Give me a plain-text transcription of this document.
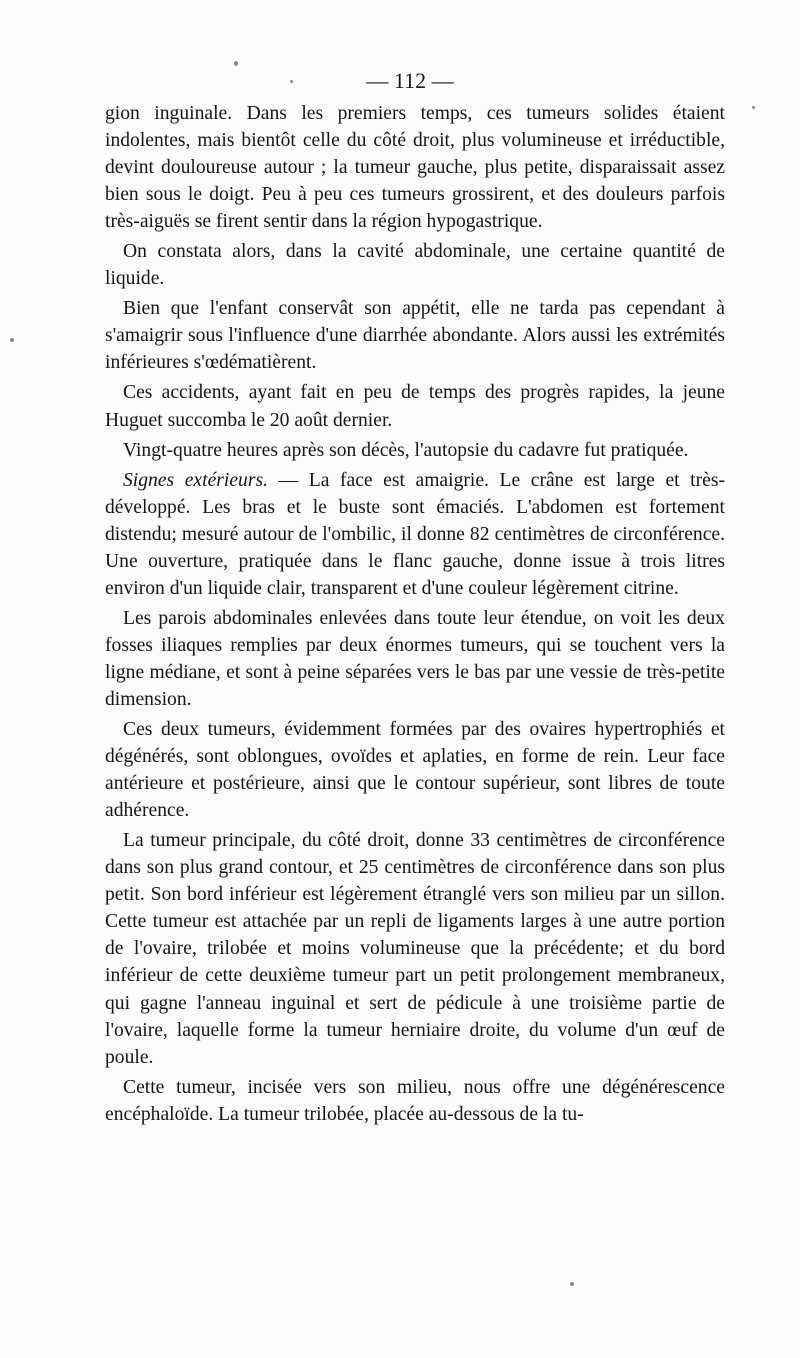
— 112 —

gion inguinale. Dans les premiers temps, ces tumeurs solides étaient indolentes, mais bientôt celle du côté droit, plus volumineuse et irréductible, devint douloureuse autour ; la tumeur gauche, plus petite, disparaissait assez bien sous le doigt. Peu à peu ces tumeurs grossirent, et des douleurs parfois très-aiguës se firent sentir dans la région hypogastrique.

On constata alors, dans la cavité abdominale, une certaine quantité de liquide.

Bien que l'enfant conservât son appétit, elle ne tarda pas cependant à s'amaigrir sous l'influence d'une diarrhée abondante. Alors aussi les extrémités inférieures s'œdématièrent.

Ces accidents, ayant fait en peu de temps des progrès rapides, la jeune Huguet succomba le 20 août dernier.

Vingt-quatre heures après son décès, l'autopsie du cadavre fut pratiquée.

Signes extérieurs. — La face est amaigrie. Le crâne est large et très-développé. Les bras et le buste sont émaciés. L'abdomen est fortement distendu; mesuré autour de l'ombilic, il donne 82 centimètres de circonférence. Une ouverture, pratiquée dans le flanc gauche, donne issue à trois litres environ d'un liquide clair, transparent et d'une couleur légèrement citrine.

Les parois abdominales enlevées dans toute leur étendue, on voit les deux fosses iliaques remplies par deux énormes tumeurs, qui se touchent vers la ligne médiane, et sont à peine séparées vers le bas par une vessie de très-petite dimension.

Ces deux tumeurs, évidemment formées par des ovaires hypertrophiés et dégénérés, sont oblongues, ovoïdes et aplaties, en forme de rein. Leur face antérieure et postérieure, ainsi que le contour supérieur, sont libres de toute adhérence.

La tumeur principale, du côté droit, donne 33 centimètres de circonférence dans son plus grand contour, et 25 centimètres de circonférence dans son plus petit. Son bord inférieur est légèrement étranglé vers son milieu par un sillon. Cette tumeur est attachée par un repli de ligaments larges à une autre portion de l'ovaire, trilobée et moins volumineuse que la précédente; et du bord inférieur de cette deuxième tumeur part un petit prolongement membraneux, qui gagne l'anneau inguinal et sert de pédicule à une troisième partie de l'ovaire, laquelle forme la tumeur herniaire droite, du volume d'un œuf de poule.

Cette tumeur, incisée vers son milieu, nous offre une dégénérescence encéphaloïde. La tumeur trilobée, placée au-dessous de la tu-
